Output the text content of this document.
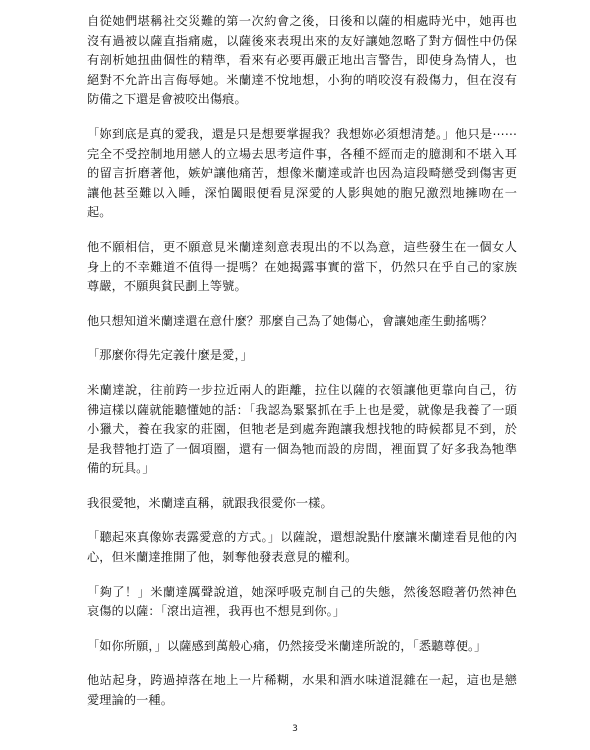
自從她們堪稱社交災難的第一次約會之後，日後和以薩的相處時光中，她再也沒有過被以薩直指痛處，以薩後來表現出來的友好讓她忽略了對方個性中仍保有剖析她扭曲個性的精準，看來有必要再嚴正地出言警告，即使身為情人，也絕對不允許出言侮辱她。米蘭達不悅地想，小狗的哨咬沒有殺傷力，但在沒有防備之下還是會被咬出傷痕。

「妳到底是真的愛我，還是只是想要掌握我？我想妳必須想清楚。」他只是⋯⋯完全不受控制地用戀人的立場去思考這件事，各種不經而走的臆測和不堪入耳的留言折磨著他，嫉妒讓他痛苦，想像米蘭達或許也因為這段畸戀受到傷害更讓他甚至難以入睡，深怕闔眼便看見深愛的人影與她的胞兄激烈地擁吻在一起。

他不願相信，更不願意見米蘭達刻意表現出的不以為意，這些發生在一個女人身上的不幸難道不值得一提嗎？在她揭露事實的當下，仍然只在乎自己的家族尊嚴，不願與貧民劃上等號。

他只想知道米蘭達還在意什麼？那麼自己為了她傷心，會讓她產生動搖嗎？

「那麼你得先定義什麼是愛，」

米蘭達說，往前跨一步拉近兩人的距離，拉住以薩的衣領讓他更靠向自己，彷彿這樣以薩就能聽懂她的話：「我認為緊緊抓在手上也是愛，就像是我養了一頭小獵犬，養在我家的莊園，但牠老是到處奔跑讓我想找牠的時候都見不到，於是我替牠打造了一個項圈，還有一個為牠而設的房間，裡面買了好多我為牠準備的玩具。」

我很愛牠，米蘭達直稱，就跟我很愛你一樣。

「聽起來真像妳表露愛意的方式。」以薩說，還想說點什麼讓米蘭達看見他的內心，但米蘭達推開了他，剝奪他發表意見的權利。

「夠了！」米蘭達厲聲說道，她深呼吸克制自己的失態，然後怒瞪著仍然神色哀傷的以薩：「滾出這裡，我再也不想見到你。」

「如你所願，」以薩感到萬般心痛，仍然接受米蘭達所說的，「悉聽尊便。」

他站起身，跨過掉落在地上一片稀糊，水果和酒水味道混雜在一起，這也是戀愛理論的一種。

3
